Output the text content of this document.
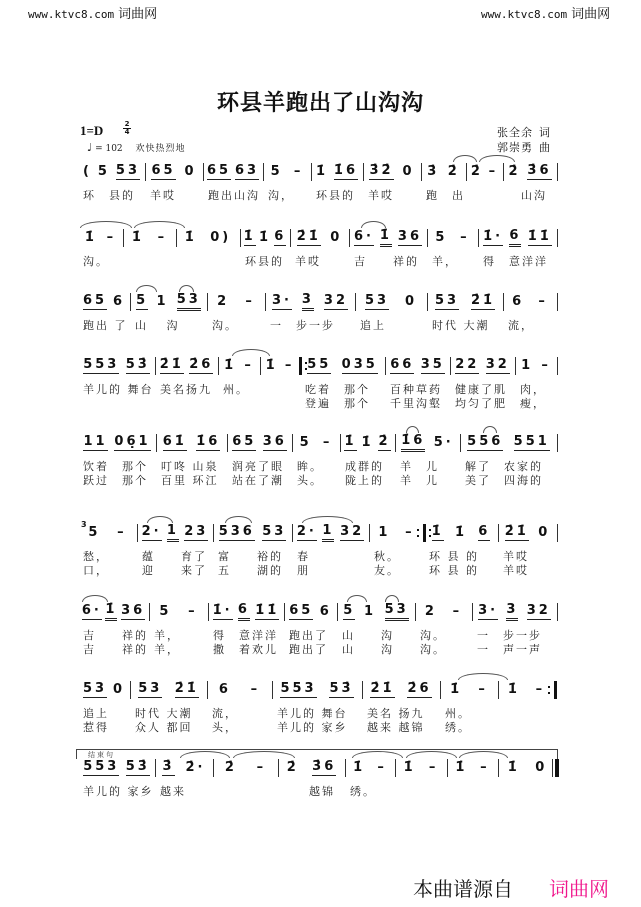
www.ktvc8.com 词曲网	www.ktvc8.com 词曲网
环县羊跑出了山沟沟
1=D	$\frac{2}{4}$
♩ = 102 欢快热烈地
张全余 词
郭崇勇 曲
( 5 53
环　县的
65 0
羊哎
65 63
跑出山沟
5 –
沟，
1̇ 1̇6
环县的
3̇2̇ 0
羊哎
3̇ 2̇
跑　出
2̇ – 2̇ 3̇6
　山沟
1̇ –
沟。
1̇ – 1̇ 0) 1̇ 1̇ 6
环县的
2̇1̇ 0
羊哎
6· 1̇ 36
吉　　祥的
5 –
羊，
1̇· 6 1̇1̇
得　意洋洋
65 6
跑出 了
5 1 53
山　 沟
2 –
沟。
3· 3 32
一　步一步
53 0
追上
53 2̇1̇
时代 大潮
6 –
流，
553 53̇
羊儿的 舞台
2̇1̇ 2̇6
美名扬九
1̇ –
州。
1̇ – 55 035
吃着　那个
登遍　那个
66 35
百种草药
千里沟壑
22 32
健康了肌
均匀了肥
1 –
肉，
瘦，
11 06̣1
饮着　那个
跃过　那个
61̇ 1̇6
叮咚 山泉
百里 环江
65 36
润亮了眼
站在了潮
5 –
眸。
头。
1̇ 1̇ 2̇
成群的
陇上的
1̇6 5·
羊　儿
羊　儿
556 551
解了　农家的
美了　四海的
3 5 –
愁，
口，
2· 1 23
蕴　　育了
迎　　来了
536 53
富　　裕的
五　　湖的
2· 1 32
春
朋
1 –
秋。
友。
1̇ 1̇ 6
环 县 的
环 县 的
2̇1̇ 0
羊哎
羊哎
6· 1̇ 36
吉　　祥的
吉　　祥的
5 –
羊，
羊，
1̇· 6 1̇1̇
得　意洋洋
撒　着欢儿
65 6
跑出了
跑出了
5 1 53
山　　沟
山　　沟
2 –
沟。
沟。
3· 3 32
一　步一步
一　声一声
53 0
追上
惹得
53 2̇1̇
时代 大潮
众人 都回
6 –
流，
头，
553 53̇
羊儿的 舞台
羊儿的 家乡
2̇1̇ 2̇6
美名 扬九
越来 越锦
1̇ –
州。
绣。
1̇ –
553 53̇
羊儿的 家乡
3̇ 2̇·
越来
2̇ – 2̇ 3̇6
　　越锦
1̇ –
绣。
1̇ – 1̇ – 1̇ 0
结束句
本曲谱源自 词曲网
